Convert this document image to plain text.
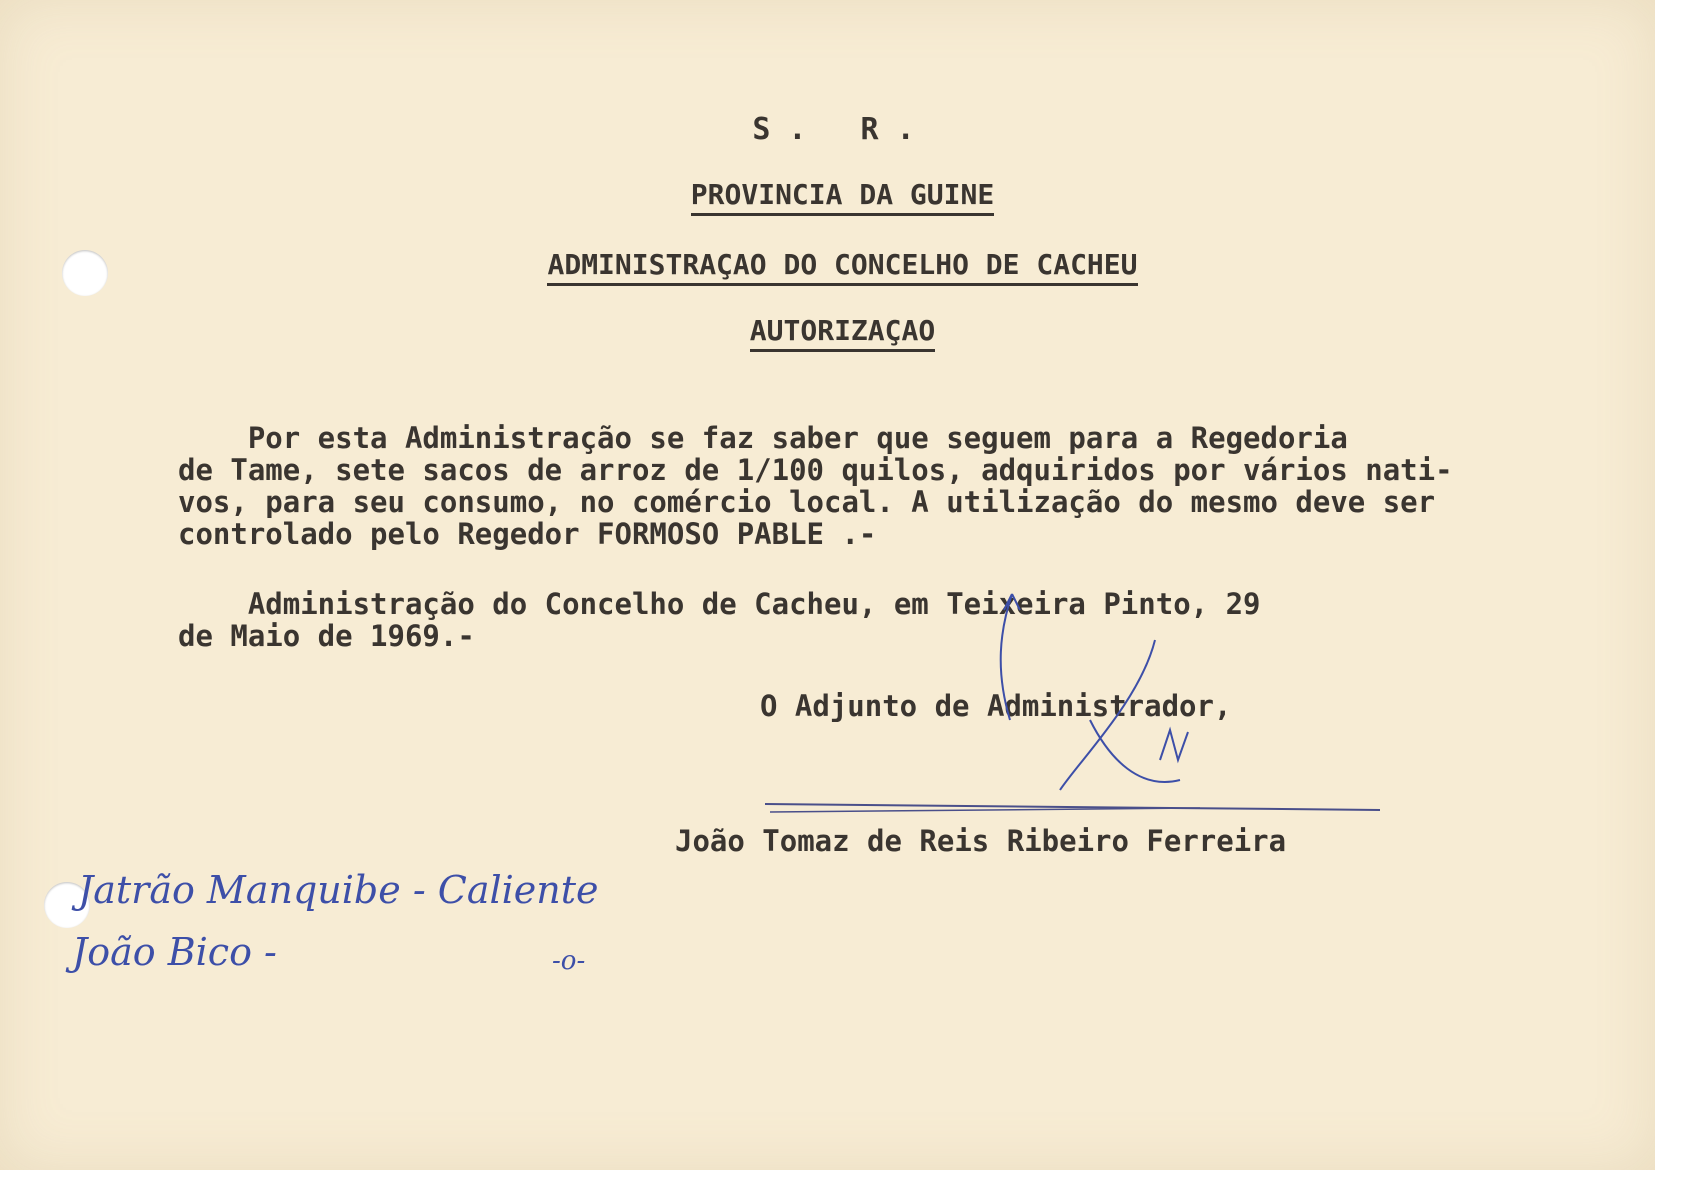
S. R.
PROVINCIA DA GUINE
ADMINISTRAÇAO DO CONCELHO DE CACHEU
AUTORIZAÇAO
Por esta Administração se faz saber que seguem para a Regedoria
de Tame, sete sacos de arroz de 1/100 quilos, adquiridos por vários nati-
vos, para seu consumo, no comércio local. A utilização do mesmo deve ser
controlado pelo Regedor FORMOSO PABLE .-
Administração do Concelho de Cacheu, em Teixeira Pinto, 29
de Maio de 1969.-
O Adjunto de Administrador,
João Tomaz de Reis Ribeiro Ferreira
Jatrão Manquibe - Caliente
João Bico -	-o-
